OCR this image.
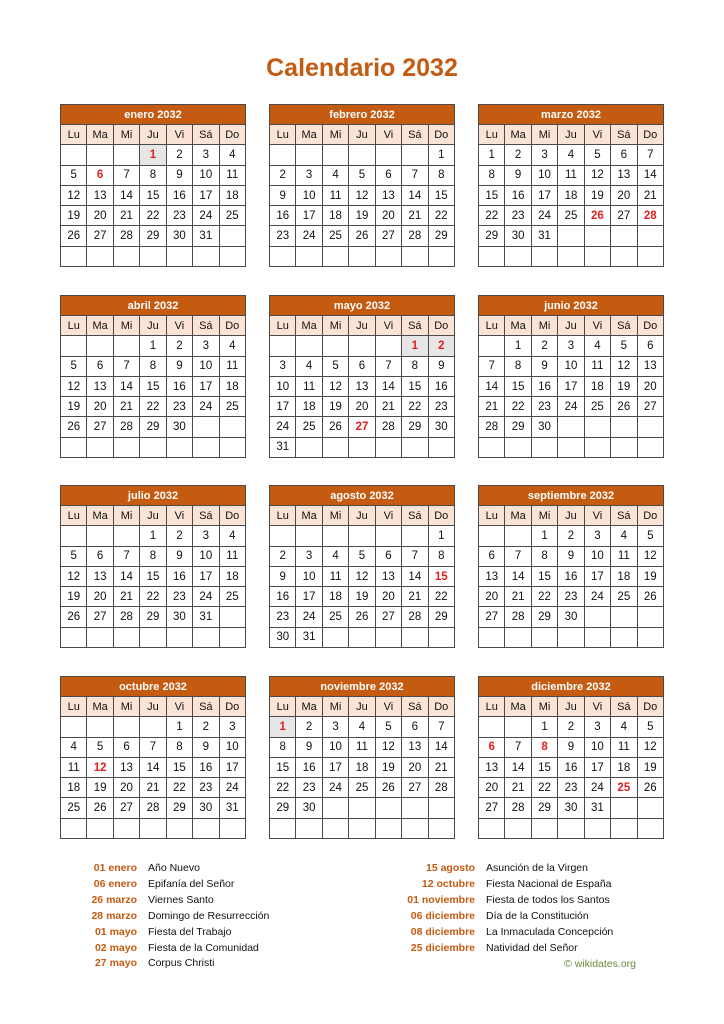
Calendario 2032
enero 2032						
Lu	Ma	Mi	Ju	Vi	Sá	Do
			1	2	3	4
5	6	7	8	9	10	11
12	13	14	15	16	17	18
19	20	21	22	23	24	25
26	27	28	29	30	31	

febrero 2032						
Lu	Ma	Mi	Ju	Vi	Sá	Do
						1
2	3	4	5	6	7	8
9	10	11	12	13	14	15
16	17	18	19	20	21	22
23	24	25	26	27	28	29

marzo 2032						
Lu	Ma	Mi	Ju	Vi	Sá	Do
1	2	3	4	5	6	7
8	9	10	11	12	13	14
15	16	17	18	19	20	21
22	23	24	25	26	27	28
29	30	31				

abril 2032						
Lu	Ma	Mi	Ju	Vi	Sá	Do
			1	2	3	4
5	6	7	8	9	10	11
12	13	14	15	16	17	18
19	20	21	22	23	24	25
26	27	28	29	30		

mayo 2032						
Lu	Ma	Mi	Ju	Vi	Sá	Do
					1	2
3	4	5	6	7	8	9
10	11	12	13	14	15	16
17	18	19	20	21	22	23
24	25	26	27	28	29	30
31						
junio 2032						
Lu	Ma	Mi	Ju	Vi	Sá	Do
	1	2	3	4	5	6
7	8	9	10	11	12	13
14	15	16	17	18	19	20
21	22	23	24	25	26	27
28	29	30				

julio 2032						
Lu	Ma	Mi	Ju	Vi	Sá	Do
			1	2	3	4
5	6	7	8	9	10	11
12	13	14	15	16	17	18
19	20	21	22	23	24	25
26	27	28	29	30	31	

agosto 2032						
Lu	Ma	Mi	Ju	Vi	Sá	Do
						1
2	3	4	5	6	7	8
9	10	11	12	13	14	15
16	17	18	19	20	21	22
23	24	25	26	27	28	29
30	31					
septiembre 2032						
Lu	Ma	Mi	Ju	Vi	Sá	Do
		1	2	3	4	5
6	7	8	9	10	11	12
13	14	15	16	17	18	19
20	21	22	23	24	25	26
27	28	29	30			

octubre 2032						
Lu	Ma	Mi	Ju	Vi	Sá	Do
				1	2	3
4	5	6	7	8	9	10
11	12	13	14	15	16	17
18	19	20	21	22	23	24
25	26	27	28	29	30	31

noviembre 2032						
Lu	Ma	Mi	Ju	Vi	Sá	Do
1	2	3	4	5	6	7
8	9	10	11	12	13	14
15	16	17	18	19	20	21
22	23	24	25	26	27	28
29	30					

diciembre 2032						
Lu	Ma	Mi	Ju	Vi	Sá	Do
		1	2	3	4	5
6	7	8	9	10	11	12
13	14	15	16	17	18	19
20	21	22	23	24	25	26
27	28	29	30	31		

01 enero Año Nuevo
06 enero Epifanía del Señor
26 marzo Viernes Santo
28 marzo Domingo de Resurrección
01 mayo Fiesta del Trabajo
02 mayo Fiesta de la Comunidad
27 mayo Corpus Christi
15 agosto Asunción de la Virgen
12 octubre Fiesta Nacional de España
01 noviembre Fiesta de todos los Santos
06 diciembre Día de la Constitución
08 diciembre La Inmaculada Concepción
25 diciembre Natividad del Señor
© wikidates.org
